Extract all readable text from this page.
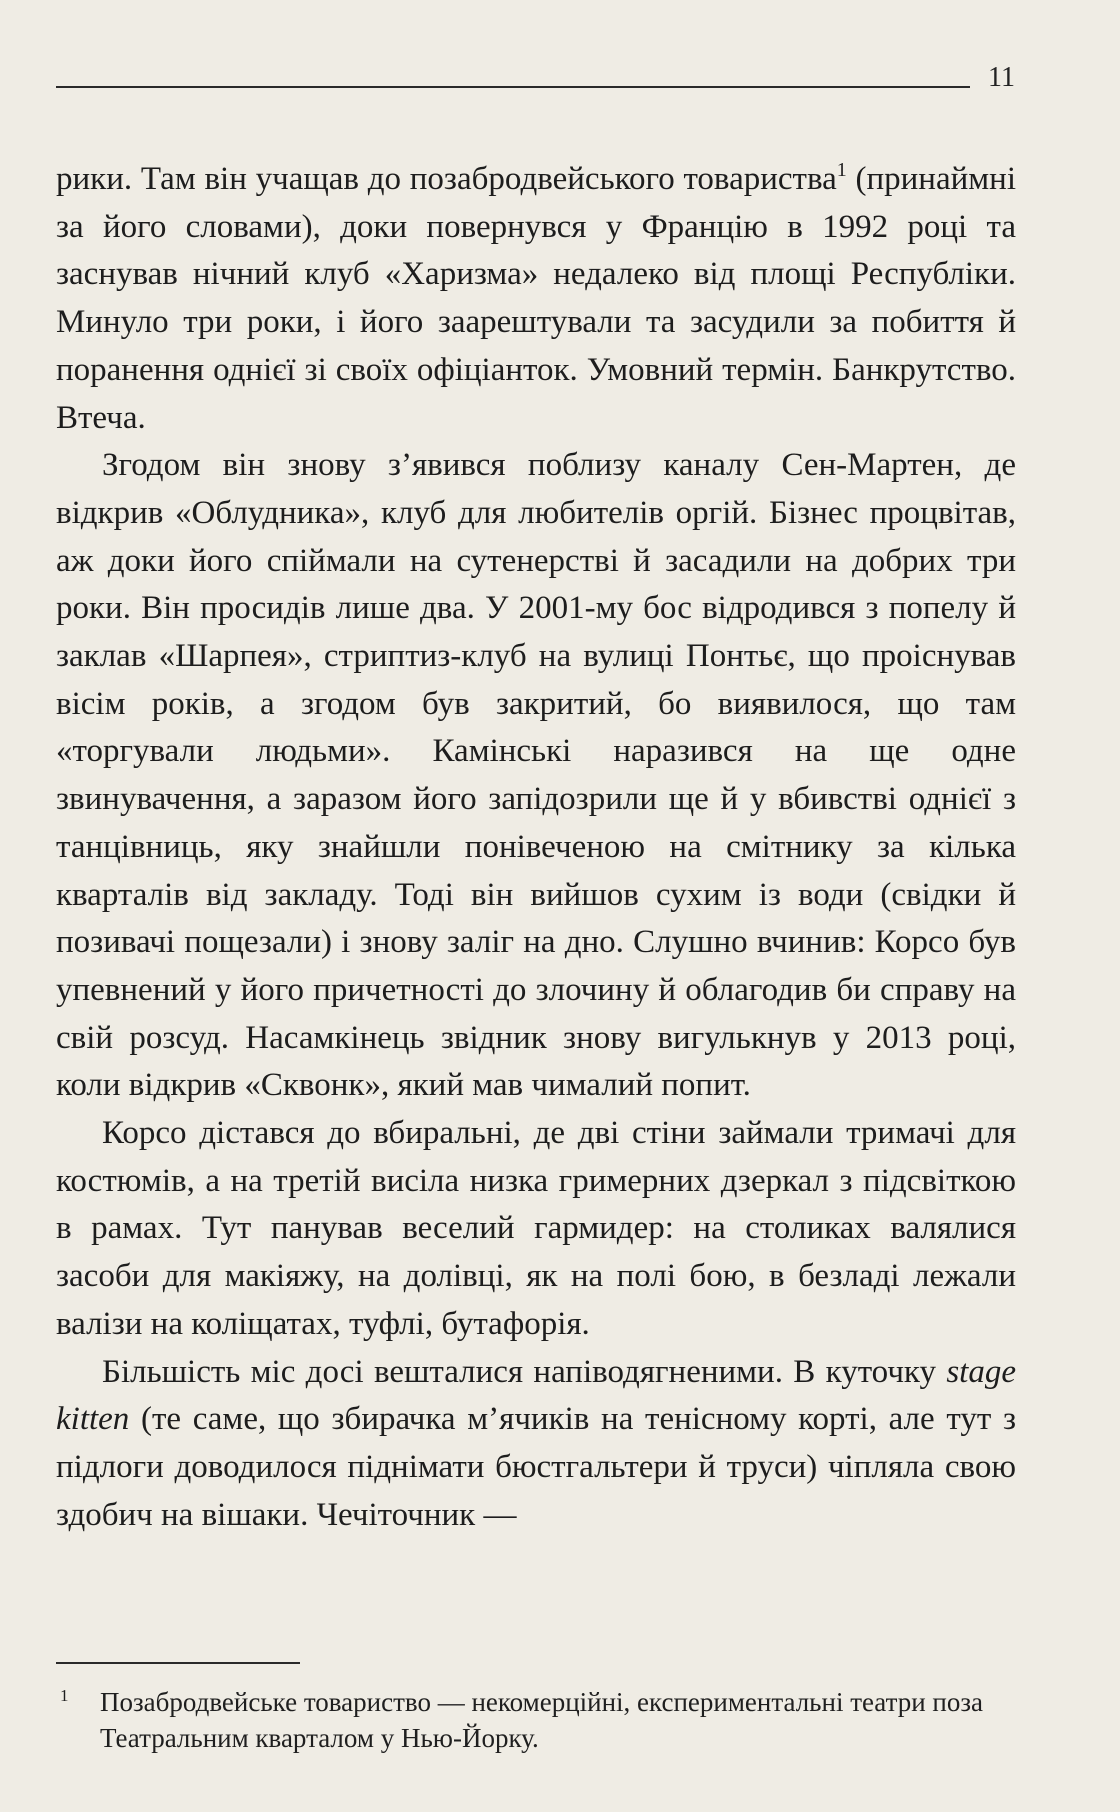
11

рики. Там він учащав до позабродвейського товариства$^1$ (принаймні за його словами), доки повернувся у Францію в 1992 році та заснував нічний клуб «Харизма» недалеко від площі Республіки. Минуло три роки, і його заарештували та засудили за побиття й поранення однієї зі своїх офіціанток. Умовний термін. Банкрутство. Втеча.

Згодом він знову з’явився поблизу каналу Сен-Мартен, де відкрив «Облудника», клуб для любителів оргій. Бізнес процвітав, аж доки його спіймали на сутенерстві й засадили на добрих три роки. Він просидів лише два. У 2001-му бос відродився з попелу й заклав «Шарпея», стриптиз-клуб на вулиці Понтьє, що проіснував вісім років, а згодом був закритий, бо виявилося, що там «торгували людьми». Камінські наразився на ще одне звинувачення, а заразом його запідозрили ще й у вбивстві однієї з танцівниць, яку знайшли понівеченою на смітнику за кілька кварталів від закладу. Тоді він вийшов сухим із води (свідки й позивачі пощезали) і знову заліг на дно. Слушно вчинив: Корсо був упевнений у його причетності до злочину й облагодив би справу на свій розсуд. Насамкінець звідник знову вигулькнув у 2013 році, коли відкрив «Сквонк», який мав чималий попит.

Корсо дістався до вбиральні, де дві стіни займали тримачі для костюмів, а на третій висіла низка гримерних дзеркал з підсвіткою в рамах. Тут панував веселий гармидер: на столиках валялися засоби для макіяжу, на долівці, як на полі бою, в безладі лежали валізи на коліщатах, туфлі, бутафорія.

Більшість міс досі вешталися напіводягненими. В куточку stage kitten (те саме, що збирачка м’ячиків на тенісному корті, але тут з підлоги доводилося піднімати бюстгальтери й труси) чіпляла свою здобич на вішаки. Чечіточник —

1 Позабродвейське товариство — некомерційні, експериментальні театри поза Театральним кварталом у Нью-Йорку.
